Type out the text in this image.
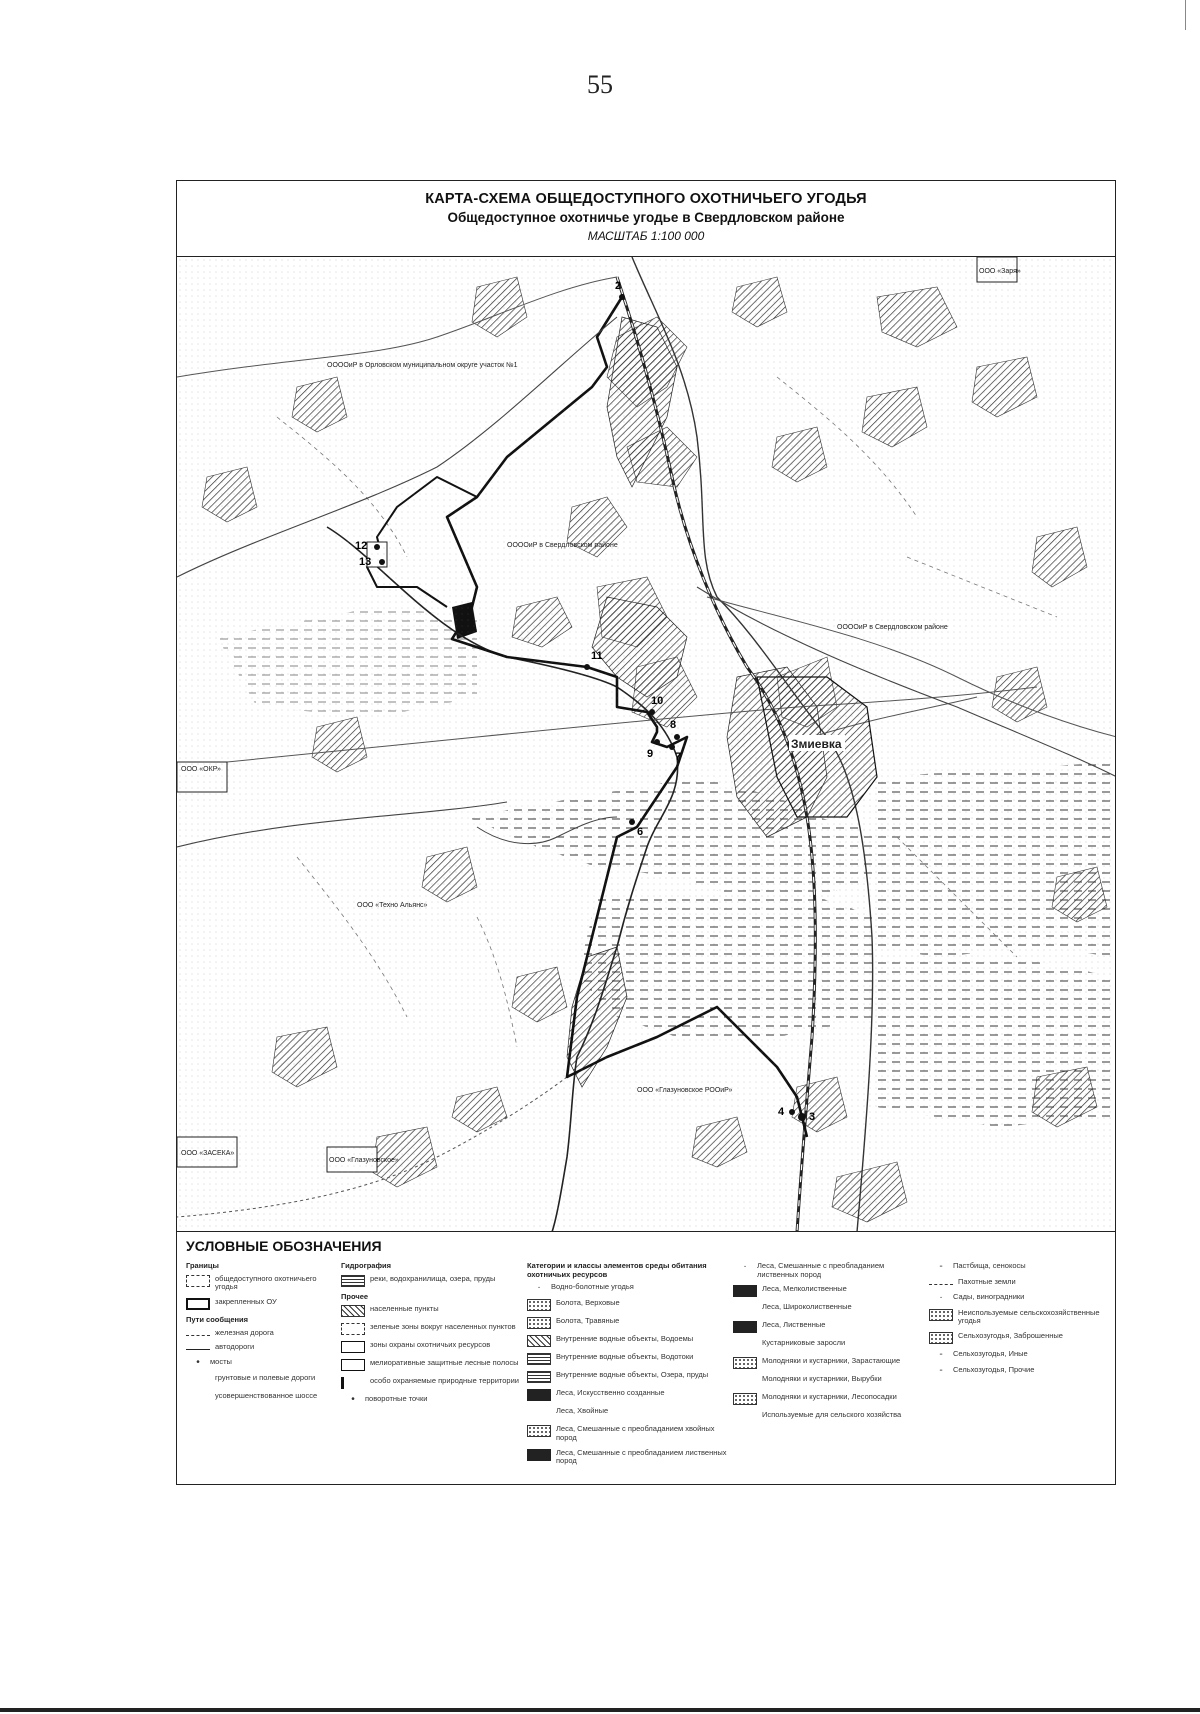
55
КАРТА-СХЕМА ОБЩЕДОСТУПНОГО ОХОТНИЧЬЕГО УГОДЬЯ
Общедоступное охотничье угодье в Свердловском районе
МАСШТАБ 1:100 000
2
11
10
8
9 7
6
3
4
12
13
Змиевка
ООО «Заря»
ООООиР в Орловском муниципальном округе участок №1
ООООиР в Свердловском районе
ООООиР в Свердловском районе
ООО «ОКР»
ООО «Техно Альянс»
ООО «Глазуновское РООиР»
ООО «ЗАСЕКА»
ООО «Глазуновское»
УСЛОВНЫЕ ОБОЗНАЧЕНИЯ
Границы
общедоступного охотничьего угодья
закрепленных ОУ
Пути сообщения
железная дорога
автодороги
•	мосты
грунтовые и полевые дороги
усовершенствованное шоссе
Гидрография
реки, водохранилища, озера, пруды
Прочее
населенные пункты
зеленые зоны вокруг населенных пунктов
зоны охраны охотничьих ресурсов
мелиоративные защитные лесные полосы
особо охраняемые природные территории
•	поворотные точки
Категории и классы элементов среды обитания охотничьих ресурсов
·	Водно-болотные угодья
Болота, Верховые
Болота, Травяные
Внутренние водные объекты, Водоемы
Внутренние водные объекты, Водотоки
Внутренние водные объекты, Озера, пруды
Леса, Искусственно созданные
Леса, Хвойные
Леса, Смешанные с преобладанием хвойных пород
Леса, Смешанные с преобладанием лиственных пород
·	Леса, Смешанные с преобладанием лиственных пород
Леса, Мелколиственные
Леса, Широколиственные
Леса, Лиственные
Кустарниковые заросли
Молодняки и кустарники, Зарастающие
Молодняки и кустарники, Вырубки
Молодняки и кустарники, Лесопосадки
Используемые для сельского хозяйства
-	Пастбища, сенокосы
Пахотные земли
·	Сады, виноградники
Неиспользуемые сельскохозяйственные угодья
Сельхозугодья, Заброшенные
-	Сельхозугодья, Иные
-	Сельхозугодья, Прочие
